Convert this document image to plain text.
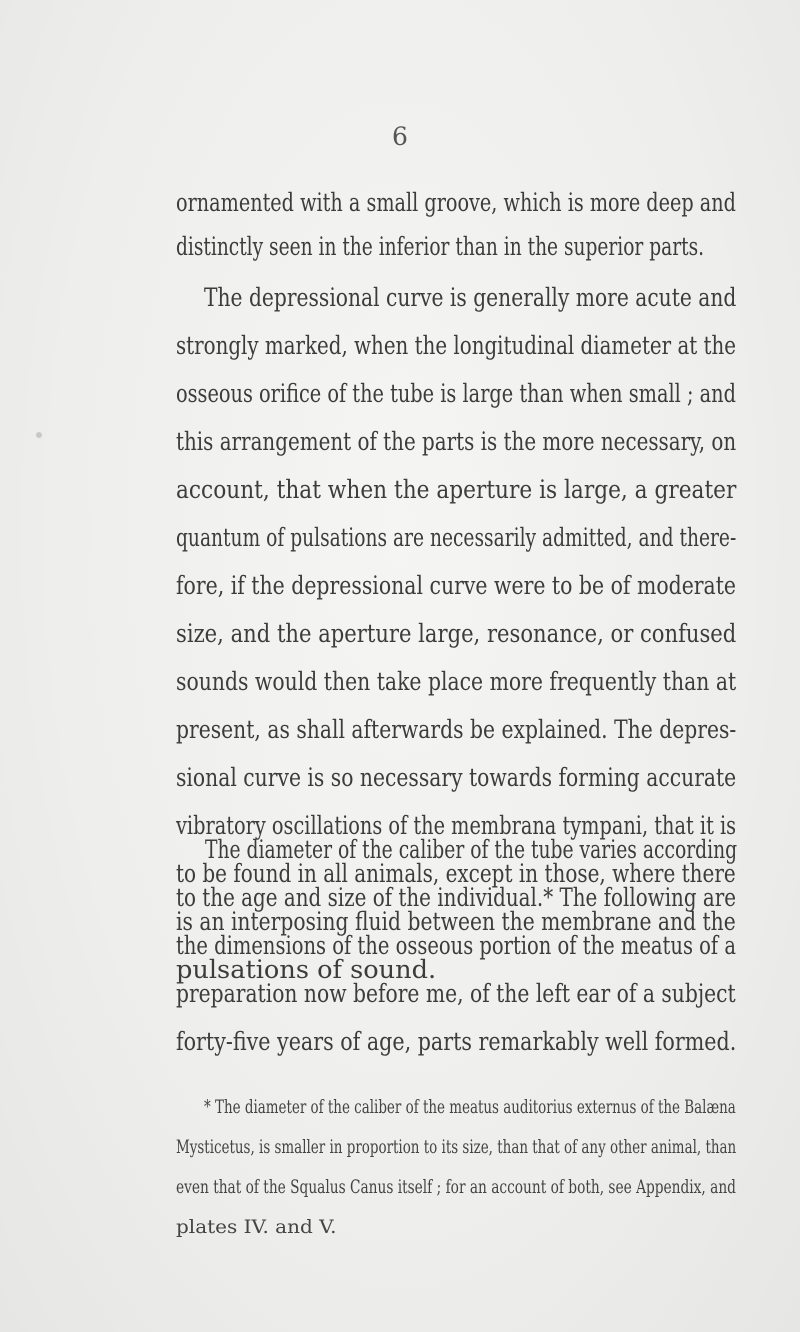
6
ornamented with a small groove, which is more deep and
distinctly seen in the inferior than in the superior parts.
The depressional curve is generally more acute and
strongly marked, when the longitudinal diameter at the
osseous orifice of the tube is large than when small ; and
this arrangement of the parts is the more necessary, on
account, that when the aperture is large, a greater
quantum of pulsations are necessarily admitted, and there-
fore, if the depressional curve were to be of moderate
size, and the aperture large, resonance, or confused
sounds would then take place more frequently than at
present, as shall afterwards be explained. The depres-
sional curve is so necessary towards forming accurate
vibratory oscillations of the membrana tympani, that it is
to be found in all animals, except in those, where there
is an interposing fluid between the membrane and the
pulsations of sound.
The diameter of the caliber of the tube varies according
to the age and size of the individual.* The following are
the dimensions of the osseous portion of the meatus of a
preparation now before me, of the left ear of a subject
forty-five years of age, parts remarkably well formed.
* The diameter of the caliber of the meatus auditorius externus of the Balæna
Mysticetus, is smaller in proportion to its size, than that of any other animal, than
even that of the Squalus Canus itself ; for an account of both, see Appendix, and
plates IV. and V.
